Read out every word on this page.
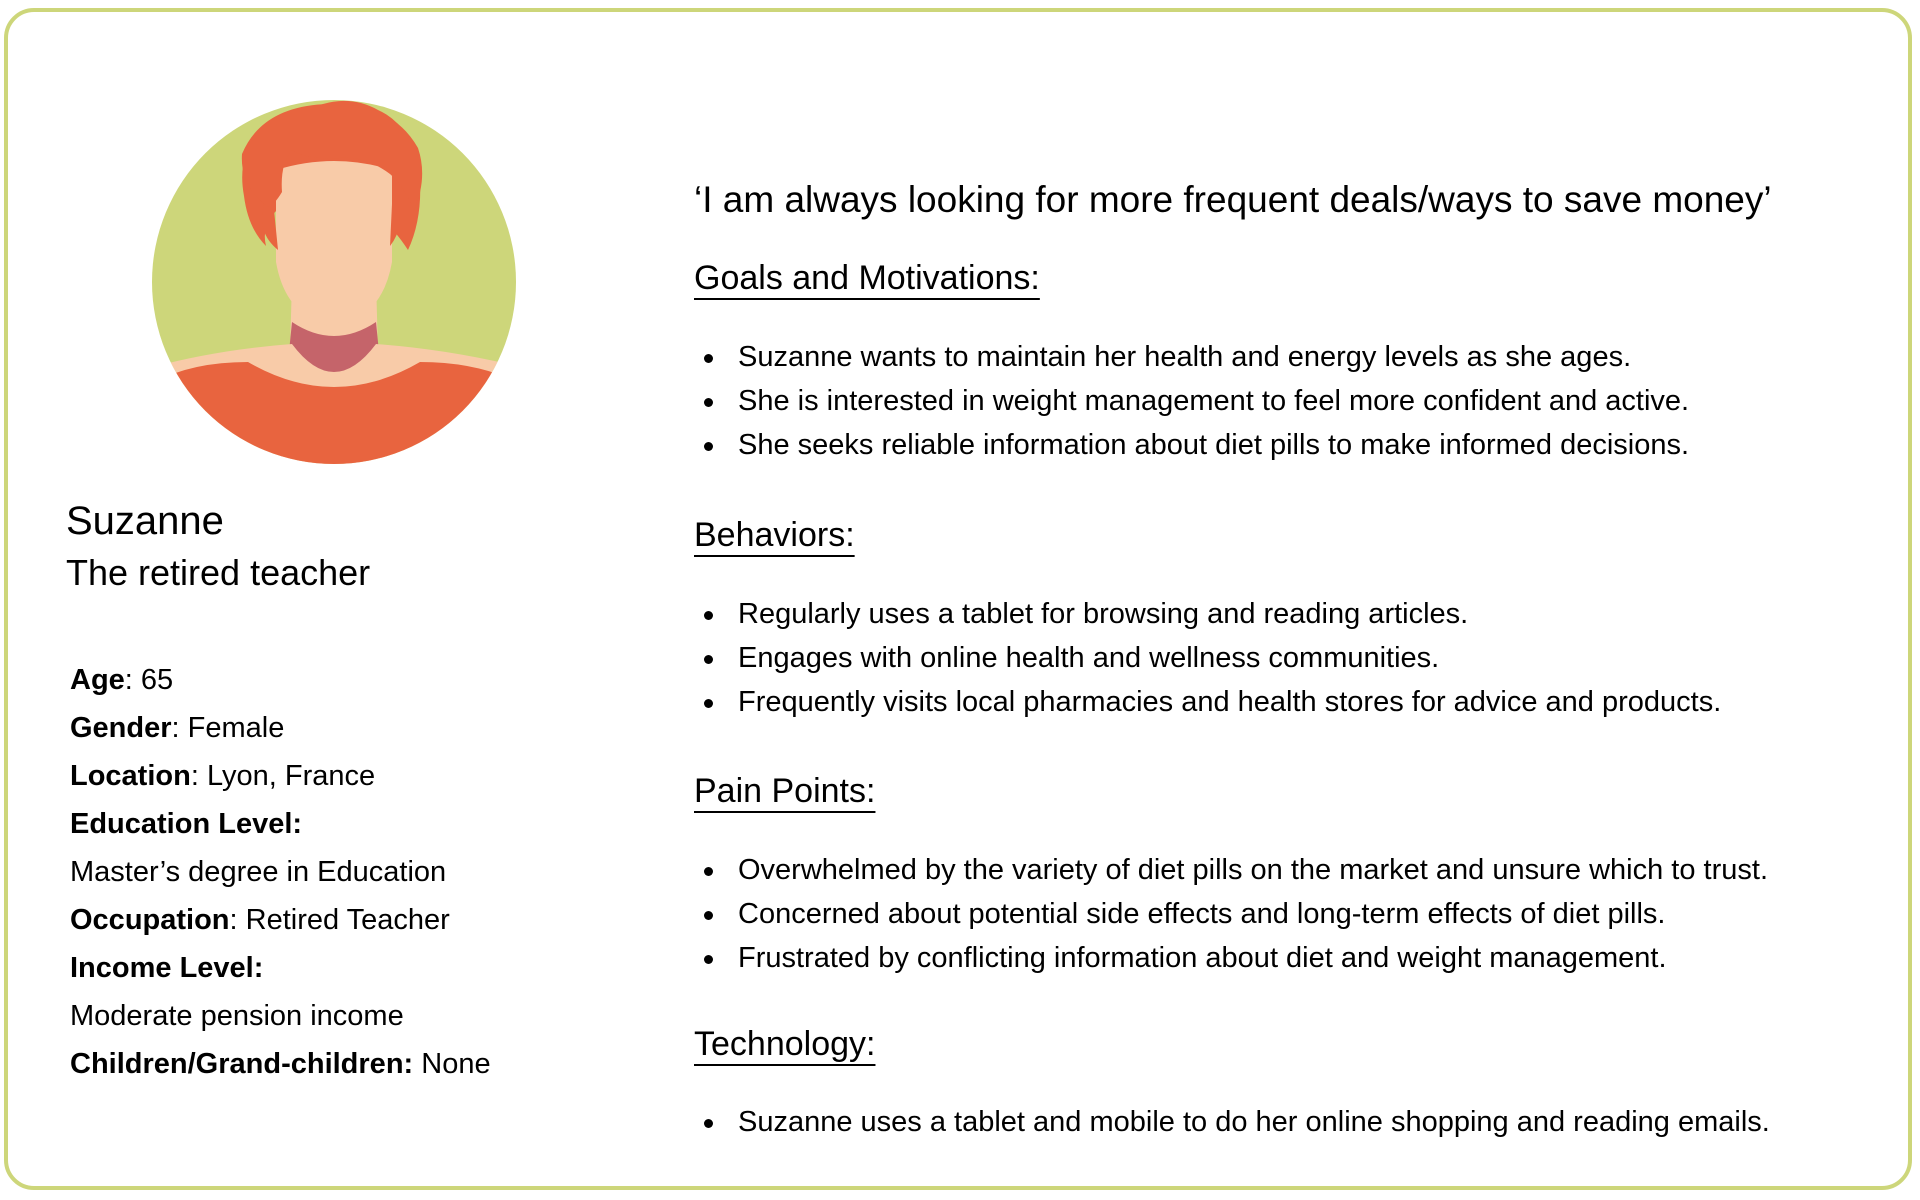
Suzanne
The retired teacher
Age: 65
Gender: Female
Location: Lyon, France
Education Level:
Master’s degree in Education
Occupation: Retired Teacher
Income Level:
Moderate pension income
Children/Grand-children: None
‘I am always looking for more frequent deals/ways to save money’
Goals and Motivations:
Suzanne wants to maintain her health and energy levels as she ages.
She is interested in weight management to feel more confident and active.
She seeks reliable information about diet pills to make informed decisions.
Behaviors:
Regularly uses a tablet for browsing and reading articles.
Engages with online health and wellness communities.
Frequently visits local pharmacies and health stores for advice and products.
Pain Points:
Overwhelmed by the variety of diet pills on the market and unsure which to trust.
Concerned about potential side effects and long-term effects of diet pills.
Frustrated by conflicting information about diet and weight management.
Technology:
Suzanne uses a tablet and mobile to do her online shopping and reading emails.
